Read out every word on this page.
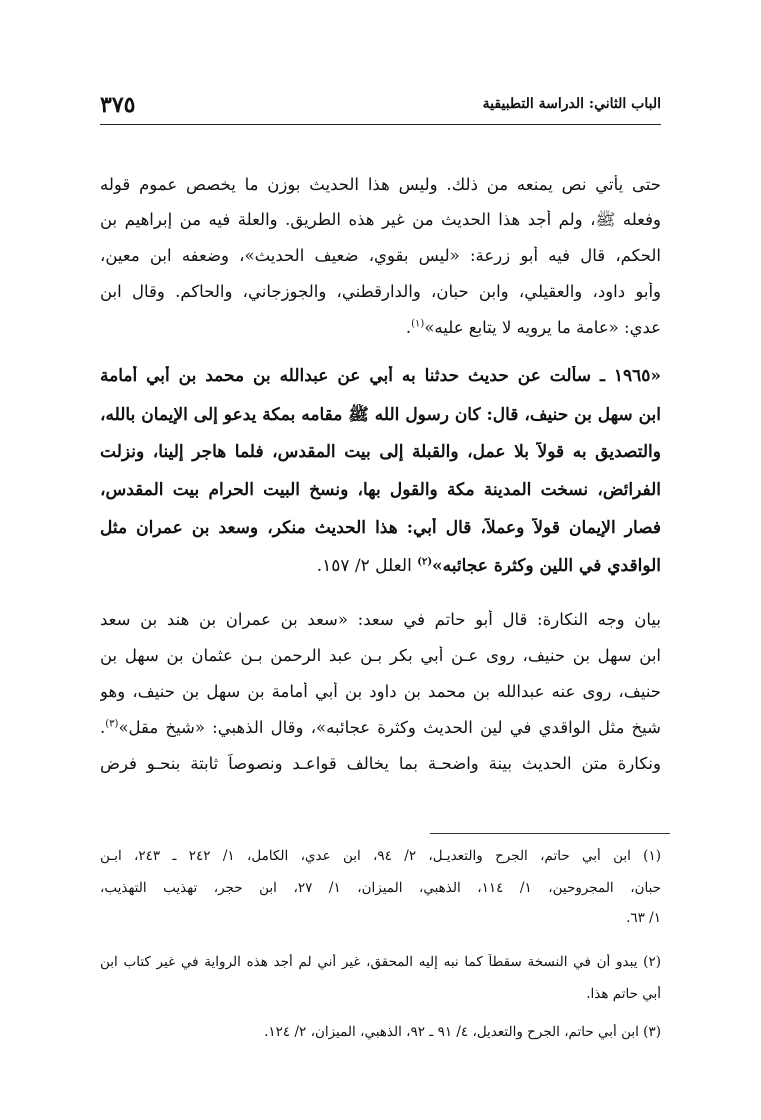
الباب الثاني: الدراسة التطبيقية
٣٧٥
حتى يأتي نص يمنعه من ذلك. وليس هذا الحديث بوزن ما يخصص عموم قوله
وفعله ﷺ، ولم أجد هذا الحديث من غير هذه الطريق. والعلة فيه من إبراهيم بن
الحكم، قال فيه أبو زرعة: «ليس بقوي، ضعيف الحديث»، وضعفه ابن معين،
وأبو داود، والعقيلي، وابن حبان، والدارقطني، والجوزجاني، والحاكم. وقال ابن
عدي: «عامة ما يرويه لا يتابع عليه»$^{(١)}$.
«١٩٦٥ ـ سألت عن حديث حدثنا به أبي عن عبدالله بن محمد بن أبي أمامة
ابن سهل بن حنيف، قال: كان رسول الله ﷺ مقامه بمكة يدعو إلى الإيمان بالله،
والتصديق به قولاً بلا عمل، والقبلة إلى بيت المقدس، فلما هاجر إلينا، ونزلت
الفرائض، نسخت المدينة مكة والقول بها، ونسخ البيت الحرام بيت المقدس،
فصار الإيمان قولاً وعملاً، قال أبي: هذا الحديث منكر، وسعد بن عمران مثل
الواقدي في اللين وكثرة عجائبه»$^{(٢)}$ العلل ٢/ ١٥٧.
بيان وجه النكارة: قال أبو حاتم في سعد: «سعد بن عمران بن هند بن سعد
ابن سهل بن حنيف، روى عـن أبي بكر بـن عبد الرحمن بـن عثمان بن سهل بن
حنيف، روى عنه عبدالله بن محمد بن داود بن أبي أمامة بن سهل بن حنيف، وهو
شيخ مثل الواقدي في لين الحديث وكثرة عجائبه»، وقال الذهبي: «شيخ مقل»$^{(٣)}$.
ونكارة متن الحديث بينة واضحـة بما يخالف قواعـد ونصوصاً ثابتة بنحـو فرض
(١) ابن أبي حاتم، الجرح والتعديـل، ٢/ ٩٤، ابن عدي، الكامل، ١/ ٢٤٢ ـ ٢٤٣، ابـن
حبان، المجروحين، ١/ ١١٤، الذهبي، الميزان، ١/ ٢٧، ابن حجر، تهذيب التهذيب،
١/ ٦٣.
(٢) يبدو أن في النسخة سقطاً كما نبه إليه المحقق، غير أني لم أجد هذه الرواية في غير كتاب ابن
أبي حاتم هذا.
(٣) ابن أبي حاتم، الجرح والتعديل، ٤/ ٩١ ـ ٩٢، الذهبي، الميزان، ٢/ ١٢٤.
